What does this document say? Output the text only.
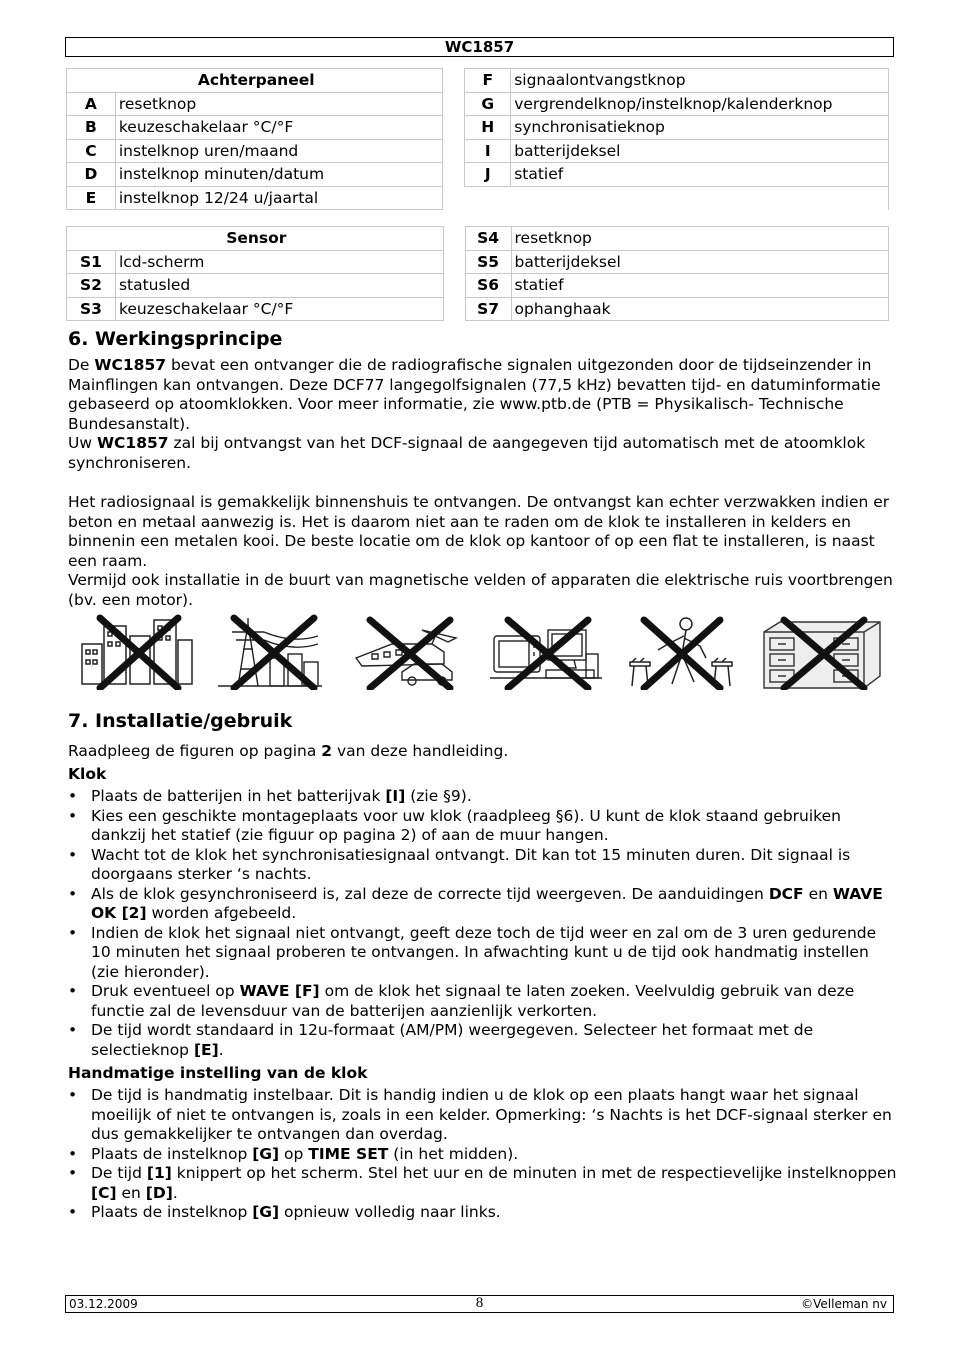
WC1857
Achterpaneel			F	signaalontvangstknop
A	resetknop		G	vergrendelknop/instelknop/kalenderknop
B	keuzeschakelaar °C/°F		H	synchronisatieknop
C	instelknop uren/maand		I	batterijdeksel
D	instelknop minuten/datum		J	statief
E	instelknop 12/24 u/jaartal			
Sensor			S4	resetknop
S1	lcd-scherm		S5	batterijdeksel
S2	statusled		S6	statief
S3	keuzeschakelaar °C/°F		S7	ophanghaak
6. Werkingsprincipe

De WC1857 bevat een ontvanger die de radiografische signalen uitgezonden door de tijdseinzender in Mainflingen kan ontvangen. Deze DCF77 langegolfsignalen (77,5 kHz) bevatten tijd- en datuminformatie gebaseerd op atoomklokken. Voor meer informatie, zie www.ptb.de (PTB = Physikalisch- Technische Bundesanstalt).

Uw WC1857 zal bij ontvangst van het DCF-signaal de aangegeven tijd automatisch met de atoomklok synchroniseren.

Het radiosignaal is gemakkelijk binnenshuis te ontvangen. De ontvangst kan echter verzwakken indien er beton en metaal aanwezig is. Het is daarom niet aan te raden om de klok te installeren in kelders en binnenin een metalen kooi. De beste locatie om de klok op kantoor of op een flat te installeren, is naast een raam.

Vermijd ook installatie in de buurt van magnetische velden of apparaten die elektrische ruis voortbrengen (bv. een motor).

7. Installatie/gebruik

Raadpleeg de figuren op pagina 2 van deze handleiding.

Klok

• Plaats de batterijen in het batterijvak [I] (zie §9).
• Kies een geschikte montageplaats voor uw klok (raadpleeg §6). U kunt de klok staand gebruiken dankzij het statief (zie figuur op pagina 2) of aan de muur hangen.
• Wacht tot de klok het synchronisatiesignaal ontvangt. Dit kan tot 15 minuten duren. Dit signaal is doorgaans sterker ‘s nachts.
• Als de klok gesynchroniseerd is, zal deze de correcte tijd weergeven. De aanduidingen DCF en WAVE OK [2] worden afgebeeld.
• Indien de klok het signaal niet ontvangt, geeft deze toch de tijd weer en zal om de 3 uren gedurende 10 minuten het signaal proberen te ontvangen. In afwachting kunt u de tijd ook handmatig instellen (zie hieronder).
• Druk eventueel op WAVE [F] om de klok het signaal te laten zoeken. Veelvuldig gebruik van deze functie zal de levensduur van de batterijen aanzienlijk verkorten.
• De tijd wordt standaard in 12u-formaat (AM/PM) weergegeven. Selecteer het formaat met de selectieknop [E].

Handmatige instelling van de klok

• De tijd is handmatig instelbaar. Dit is handig indien u de klok op een plaats hangt waar het signaal moeilijk of niet te ontvangen is, zoals in een kelder. Opmerking: ‘s Nachts is het DCF-signaal sterker en dus gemakkelijker te ontvangen dan overdag.
• Plaats de instelknop [G] op TIME SET (in het midden).
• De tijd [1] knippert op het scherm. Stel het uur en de minuten in met de respectievelijke instelknoppen [C] en [D].
• Plaats de instelknop [G] opnieuw volledig naar links.
03.12.2009	8	©Velleman nv
